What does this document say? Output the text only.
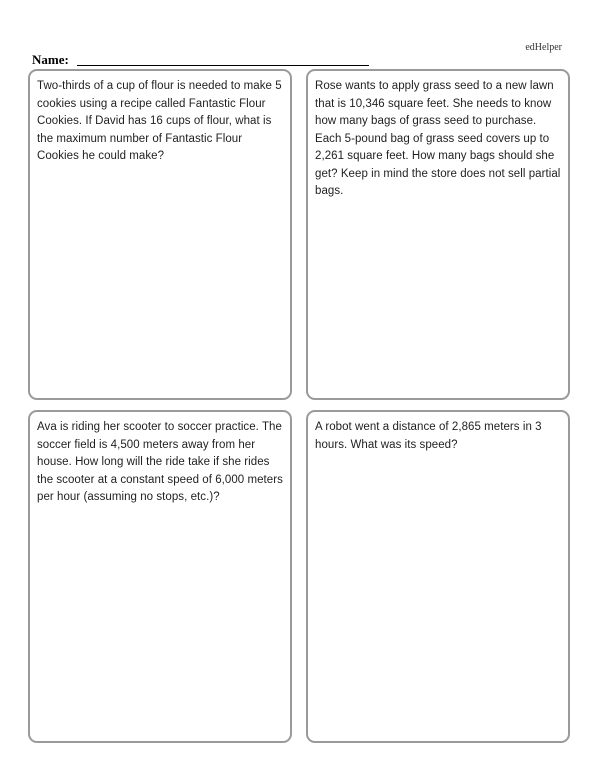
edHelper
Name:
Two-thirds of a cup of flour is needed to make 5 cookies using a recipe called Fantastic Flour Cookies. If David has 16 cups of flour, what is the maximum number of Fantastic Flour Cookies he could make?
Rose wants to apply grass seed to a new lawn that is 10,346 square feet. She needs to know how many bags of grass seed to purchase. Each 5-pound bag of grass seed covers up to 2,261 square feet. How many bags should she get? Keep in mind the store does not sell partial bags.
Ava is riding her scooter to soccer practice. The soccer field is 4,500 meters away from her house. How long will the ride take if she rides the scooter at a constant speed of 6,000 meters per hour (assuming no stops, etc.)?
A robot went a distance of 2,865 meters in 3 hours. What was its speed?
